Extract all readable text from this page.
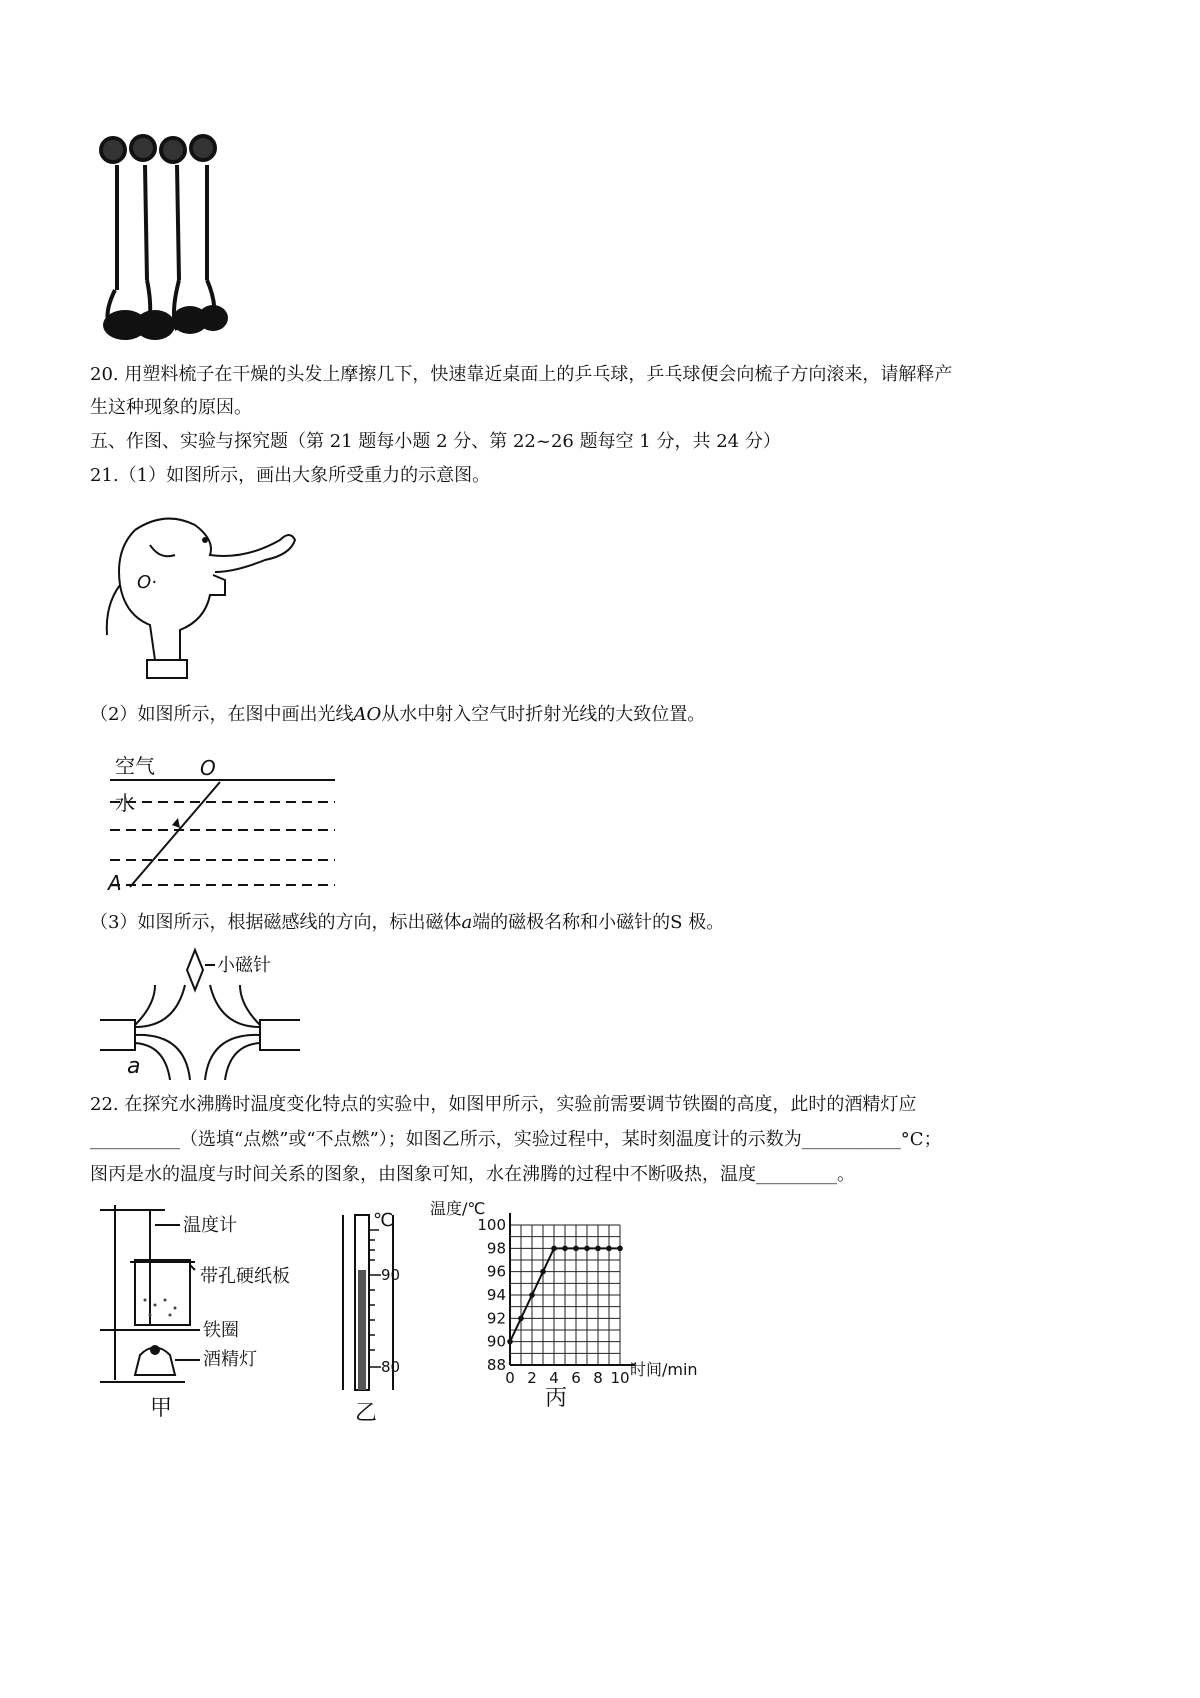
20. 用塑料梳子在干燥的头发上摩擦几下，快速靠近桌面上的乒乓球，乒乓球便会向梳子方向滚来，请解释产
生这种现象的原因。
五、作图、实验与探究题（第 21 题每小题 2 分、第 22~26 题每空 1 分，共 24 分）
21.（1）如图所示，画出大象所受重力的示意图。
O·
（2）如图所示，在图中画出光线AO从水中射入空气时折射光线的大致位置。
空气
水
O
A
（3）如图所示，根据磁感线的方向，标出磁体a端的磁极名称和小磁针的S 极。
小磁针
a
22. 在探究水沸腾时温度变化特点的实验中，如图甲所示，实验前需要调节铁圈的高度，此时的酒精灯应
__________（选填“点燃”或“不点燃”）；如图乙所示，实验过程中，某时刻温度计的示数为___________°C；
图丙是水的温度与时间关系的图象，由图象可知，水在沸腾的过程中不断吸热，温度_________。
温度计
带孔硬纸板
铁圈
酒精灯
甲
℃
90
80
乙
88
90
92
94
96
98
100
0 2 4 6 8 10
温度/℃
时间/min
丙
